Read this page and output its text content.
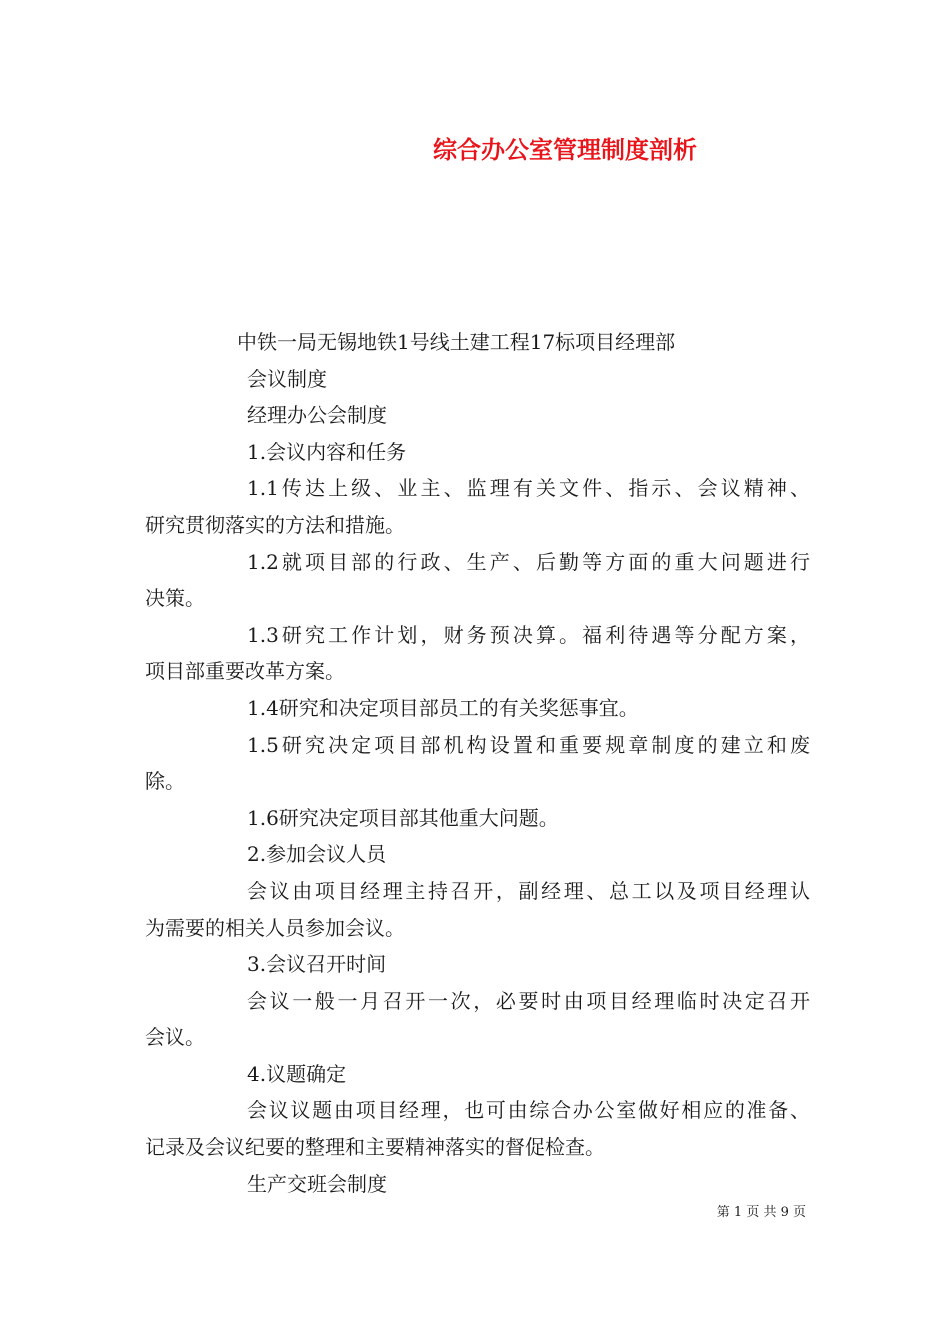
综合办公室管理制度剖析
中铁一局无锡地铁1号线土建工程17标项目经理部
会议制度
经理办公会制度
1.会议内容和任务
1.1传达上级、业主、监理有关文件、指示、会议精神、
研究贯彻落实的方法和措施。
1.2就项目部的行政、生产、后勤等方面的重大问题进行
决策。
1.3研究工作计划，财务预决算。福利待遇等分配方案，
项目部重要改革方案。
1.4研究和决定项目部员工的有关奖惩事宜。
1.5研究决定项目部机构设置和重要规章制度的建立和废
除。
1.6研究决定项目部其他重大问题。
2.参加会议人员
会议由项目经理主持召开，副经理、总工以及项目经理认
为需要的相关人员参加会议。
3.会议召开时间
会议一般一月召开一次，必要时由项目经理临时决定召开
会议。
4.议题确定
会议议题由项目经理，也可由综合办公室做好相应的准备、
记录及会议纪要的整理和主要精神落实的督促检查。
生产交班会制度
第 1 页 共 9 页
